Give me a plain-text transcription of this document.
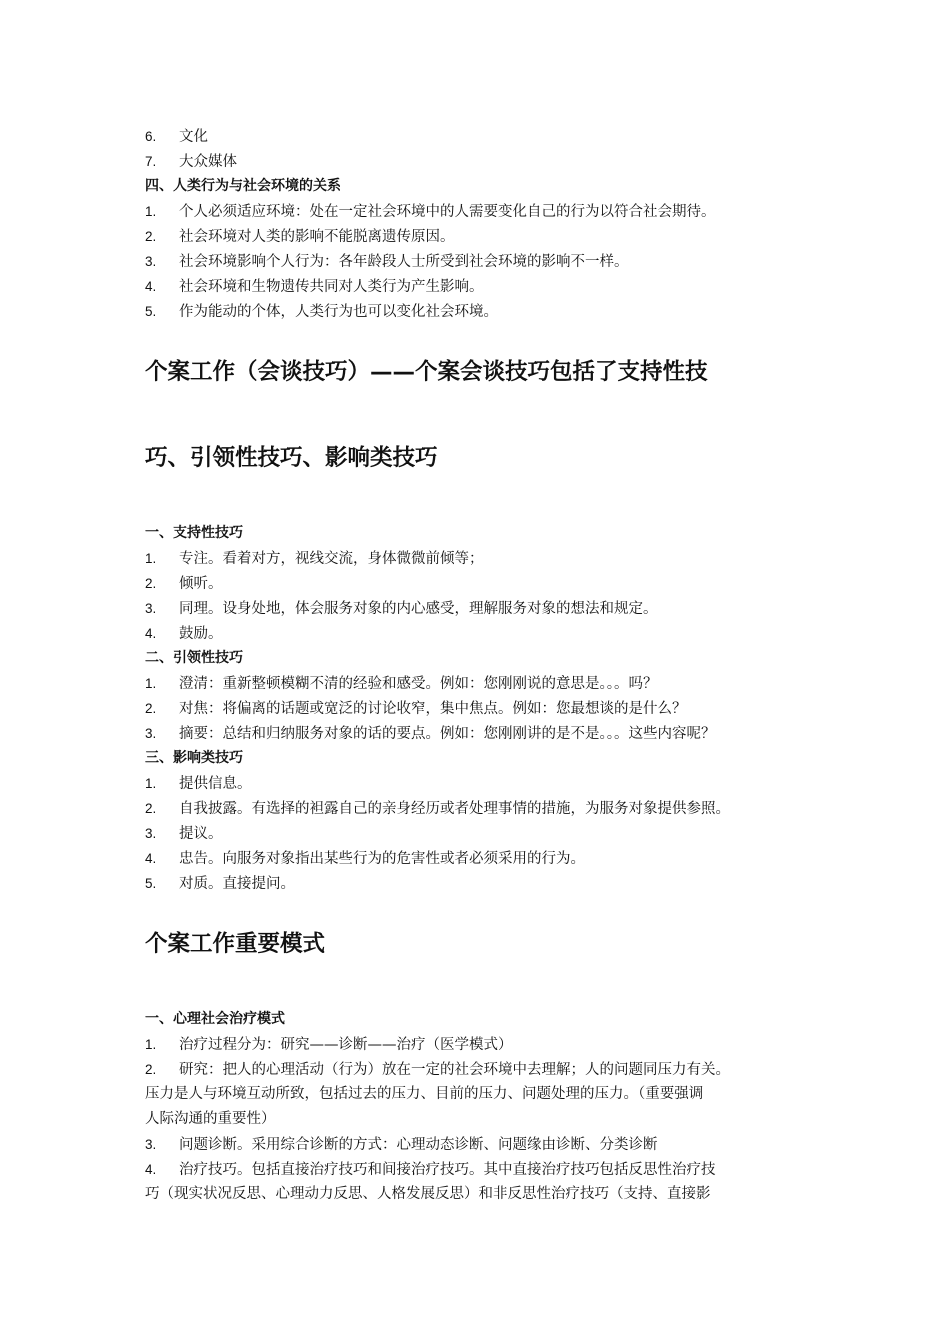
6. 文化
7. 大众媒体
四、人类行为与社会环境的关系
1. 个人必须适应环境：处在一定社会环境中的人需要变化自己的行为以符合社会期待。
2. 社会环境对人类的影响不能脱离遗传原因。
3. 社会环境影响个人行为：各年龄段人士所受到社会环境的影响不一样。
4. 社会环境和生物遗传共同对人类行为产生影响。
5. 作为能动的个体，人类行为也可以变化社会环境。
个案工作（会谈技巧）——个案会谈技巧包括了支持性技
巧、引领性技巧、影响类技巧
一、支持性技巧
1. 专注。看着对方，视线交流，身体微微前倾等；
2. 倾听。
3. 同理。设身处地，体会服务对象的内心感受，理解服务对象的想法和规定。
4. 鼓励。
二、引领性技巧
1. 澄清：重新整顿模糊不清的经验和感受。例如：您刚刚说的意思是。。。吗？
2. 对焦：将偏离的话题或宽泛的讨论收窄，集中焦点。例如：您最想谈的是什么？
3. 摘要：总结和归纳服务对象的话的要点。例如：您刚刚讲的是不是。。。这些内容呢？
三、影响类技巧
1. 提供信息。
2. 自我披露。有选择的袒露自己的亲身经历或者处理事情的措施，为服务对象提供参照。
3. 提议。
4. 忠告。向服务对象指出某些行为的危害性或者必须采用的行为。
5. 对质。直接提问。
个案工作重要模式
一、心理社会治疗模式
1. 治疗过程分为：研究——诊断——治疗（医学模式）
2. 研究：把人的心理活动（行为）放在一定的社会环境中去理解；人的问题同压力有关。
压力是人与环境互动所致，包括过去的压力、目前的压力、问题处理的压力。（重要强调
人际沟通的重要性）
3. 问题诊断。采用综合诊断的方式：心理动态诊断、问题缘由诊断、分类诊断
4. 治疗技巧。包括直接治疗技巧和间接治疗技巧。其中直接治疗技巧包括反思性治疗技
巧（现实状况反思、心理动力反思、人格发展反思）和非反思性治疗技巧（支持、直接影
